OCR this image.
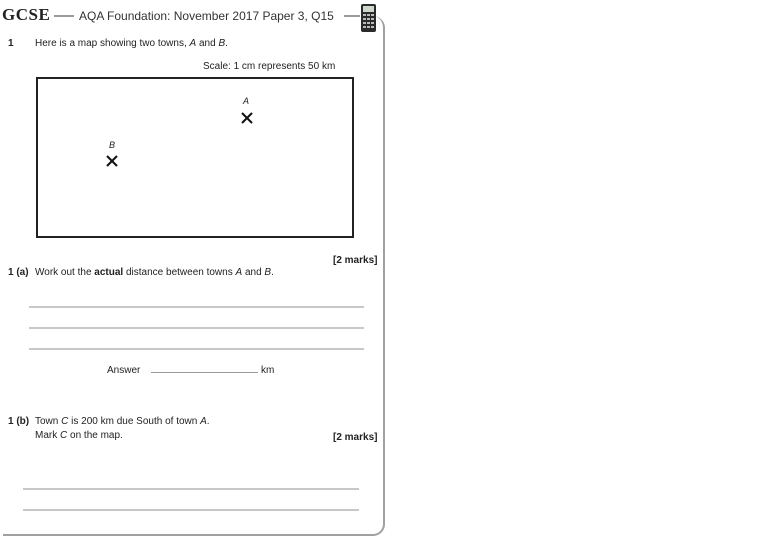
GCSE AQA Foundation: November 2017 Paper 3, Q15
1 Here is a map showing two towns, A and B.
Scale: 1 cm represents 50 km
A
B
[2 marks]
1 (a) Work out the actual distance between towns A and B.
Answer	km
1 (b) Town C is 200 km due South of town A.
Mark C on the map.	[2 marks]
